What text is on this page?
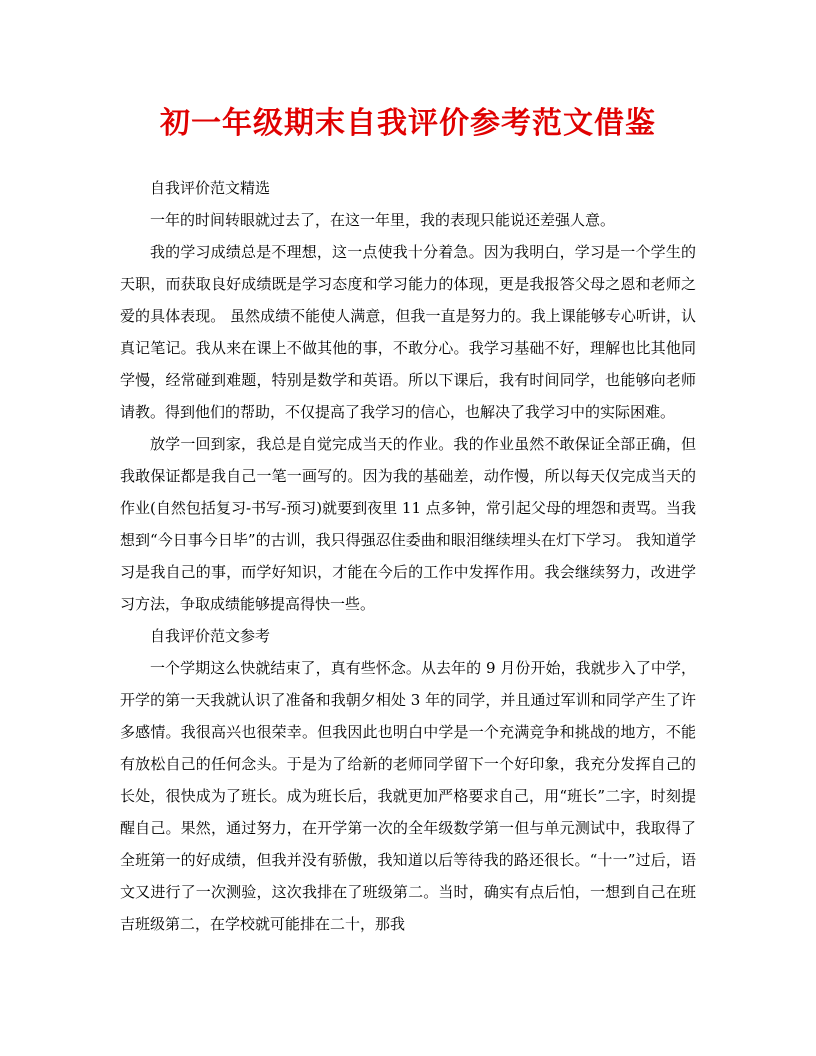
初一年级期末自我评价参考范文借鉴

自我评价范文精选

一年的时间转眼就过去了，在这一年里，我的表现只能说还差强人意。

我的学习成绩总是不理想，这一点使我十分着急。因为我明白，学习是一个学生的天职，而获取良好成绩既是学习态度和学习能力的体现，更是我报答父母之恩和老师之爱的具体表现。 虽然成绩不能使人满意，但我一直是努力的。我上课能够专心听讲，认真记笔记。我从来在课上不做其他的事，不敢分心。我学习基础不好，理解也比其他同学慢，经常碰到难题，特别是数学和英语。所以下课后，我有时间同学，也能够向老师请教。得到他们的帮助，不仅提高了我学习的信心，也解决了我学习中的实际困难。

放学一回到家，我总是自觉完成当天的作业。我的作业虽然不敢保证全部正确，但我敢保证都是我自己一笔一画写的。因为我的基础差，动作慢，所以每天仅完成当天的作业(自然包括复习-书写-预习)就要到夜里 11 点多钟，常引起父母的埋怨和责骂。当我想到“今日事今日毕”的古训，我只得强忍住委曲和眼泪继续埋头在灯下学习。 我知道学习是我自己的事，而学好知识，才能在今后的工作中发挥作用。我会继续努力，改进学习方法，争取成绩能够提高得快一些。

自我评价范文参考

一个学期这么快就结束了，真有些怀念。从去年的 9 月份开始，我就步入了中学，开学的第一天我就认识了准备和我朝夕相处 3 年的同学，并且通过军训和同学产生了许多感情。我很高兴也很荣幸。但我因此也明白中学是一个充满竞争和挑战的地方，不能有放松自己的任何念头。于是为了给新的老师同学留下一个好印象，我充分发挥自己的长处，很快成为了班长。成为班长后，我就更加严格要求自己，用“班长”二字，时刻提醒自己。果然，通过努力，在开学第一次的全年级数学第一但与单元测试中，我取得了全班第一的好成绩，但我并没有骄傲，我知道以后等待我的路还很长。“十一”过后，语文又进行了一次测验，这次我排在了班级第二。当时，确实有点后怕，一想到自己在班吉班级第二，在学校就可能排在二十，那我
